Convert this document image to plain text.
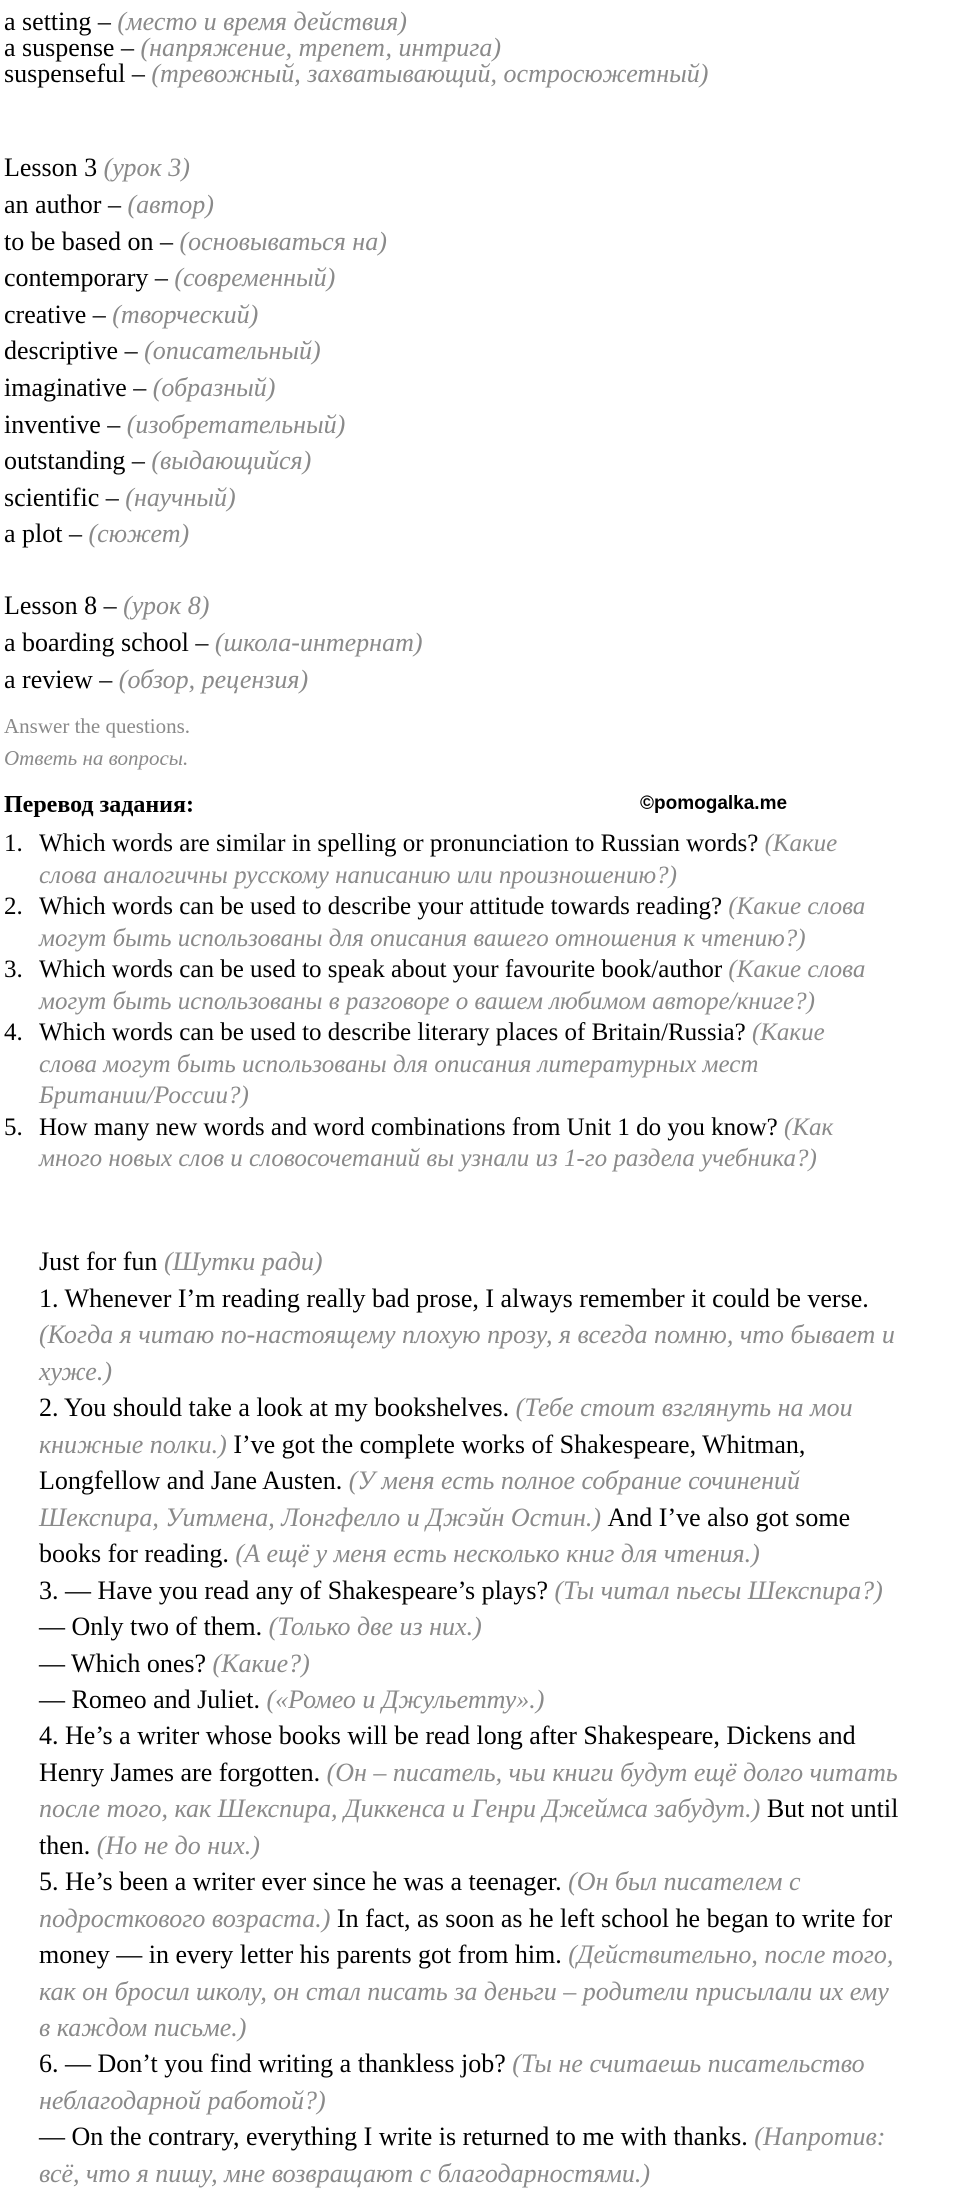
a setting – (место и время действия)
a suspense – (напряжение, трепет, интрига)
suspenseful – (тревожный, захватывающий, остросюжетный)
Lesson 3 (урок 3)
an author – (автор)
to be based on – (основываться на)
contemporary – (современный)
creative – (творческий)
descriptive – (описательный)
imaginative – (образный)
inventive – (изобретательный)
outstanding – (выдающийся)
scientific – (научный)
a plot – (сюжет)
Lesson 8 – (урок 8)
a boarding school – (школа-интернат)
a review – (обзор, рецензия)
Answer the questions.
Ответь на вопросы.
Перевод задания:	©pomogalka.me
1. Which words are similar in spelling or pronunciation to Russian words? (Какие
слова аналогичны русскому написанию или произношению?)
2. Which words can be used to describe your attitude towards reading? (Какие слова
могут быть использованы для описания вашего отношения к чтению?)
3. Which words can be used to speak about your favourite book/author (Какие слова
могут быть использованы в разговоре о вашем любимом авторе/книге?)
4. Which words can be used to describe literary places of Britain/Russia? (Какие
слова могут быть использованы для описания литературных мест
Британии/России?)
5. How many new words and word combinations from Unit 1 do you know? (Как
много новых слов и словосочетаний вы узнали из 1-го раздела учебника?)
Just for fun (Шутки ради)
1. Whenever I’m reading really bad prose, I always remember it could be verse.
(Когда я читаю по-настоящему плохую прозу, я всегда помню, что бывает и
хуже.)
2. You should take a look at my bookshelves. (Тебе стоит взглянуть на мои
книжные полки.) I’ve got the complete works of Shakespeare, Whitman,
Longfellow and Jane Austen. (У меня есть полное собрание сочинений
Шекспира, Уитмена, Лонгфелло и Джэйн Остин.) And I’ve also got some
books for reading. (А ещё у меня есть несколько книг для чтения.)
3. — Have you read any of Shakespeare’s plays? (Ты читал пьесы Шекспира?)
— Only two of them. (Только две из них.)
— Which ones? (Какие?)
— Romeo and Juliet. («Ромео и Джульетту».)
4. He’s a writer whose books will be read long after Shakespeare, Dickens and
Henry James are forgotten. (Он – писатель, чьи книги будут ещё долго читать
после того, как Шекспира, Диккенса и Генри Джеймса забудут.) But not until
then. (Но не до них.)
5. He’s been a writer ever since he was a teenager. (Он был писателем с
подросткового возраста.) In fact, as soon as he left school he began to write for
money — in every letter his parents got from him. (Действительно, после того,
как он бросил школу, он стал писать за деньги – родители присылали их ему
в каждом письме.)
6. — Don’t you find writing a thankless job? (Ты не считаешь писательство
неблагодарной работой?)
— On the contrary, everything I write is returned to me with thanks. (Напротив:
всё, что я пишу, мне возвращают с благодарностями.)
